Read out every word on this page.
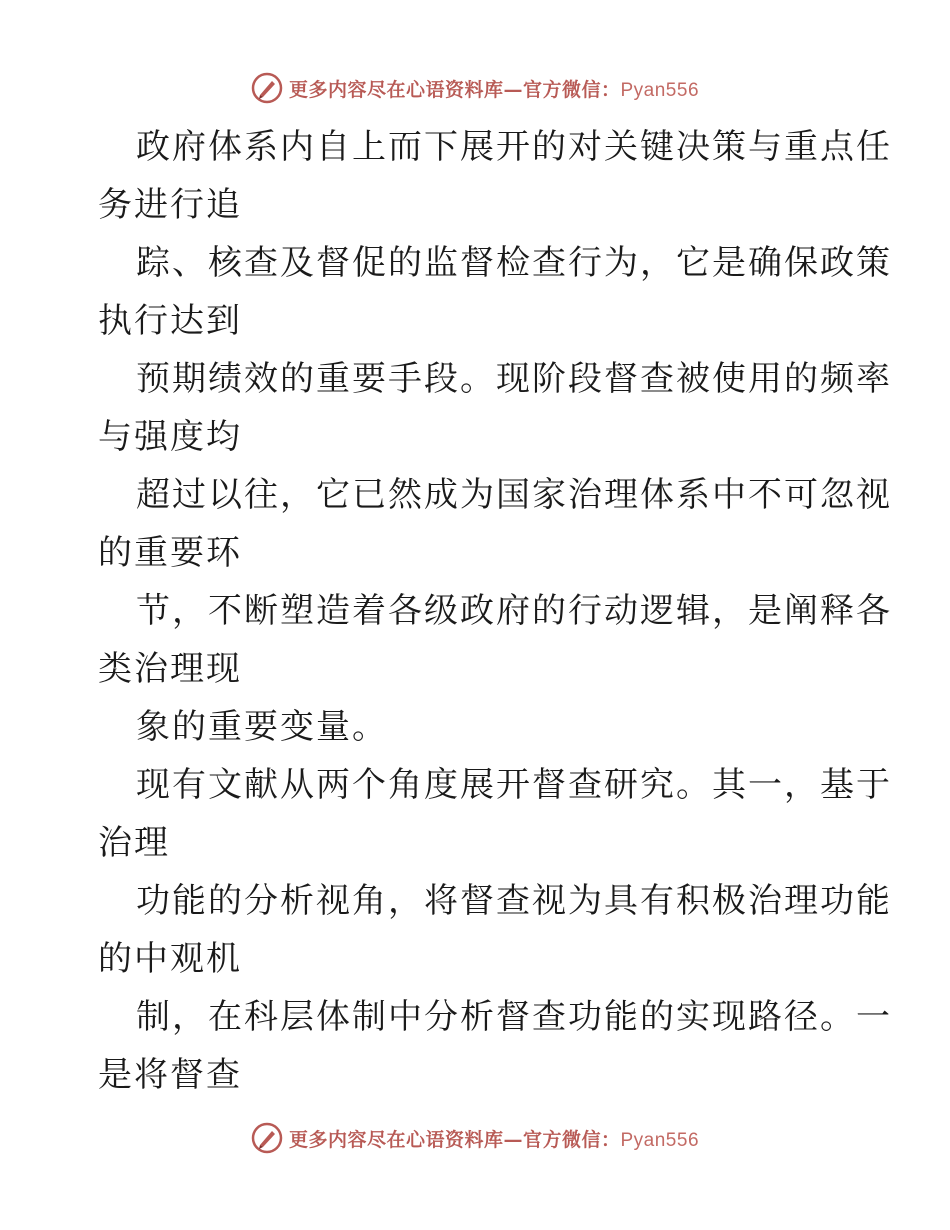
更多内容尽在心语资料库—官方微信：Pyan556
政府体系内自上而下展开的对关键决策与重点任
务进行追
踪、核查及督促的监督检查行为，它是确保政策
执行达到
预期绩效的重要手段。现阶段督查被使用的频率
与强度均
超过以往，它已然成为国家治理体系中不可忽视
的重要环
节，不断塑造着各级政府的行动逻辑，是阐释各
类治理现
象的重要变量。
现有文献从两个角度展开督查研究。其一，基于
治理
功能的分析视角，将督查视为具有积极治理功能
的中观机
制，在科层体制中分析督查功能的实现路径。一
是将督查
更多内容尽在心语资料库—官方微信：Pyan556
